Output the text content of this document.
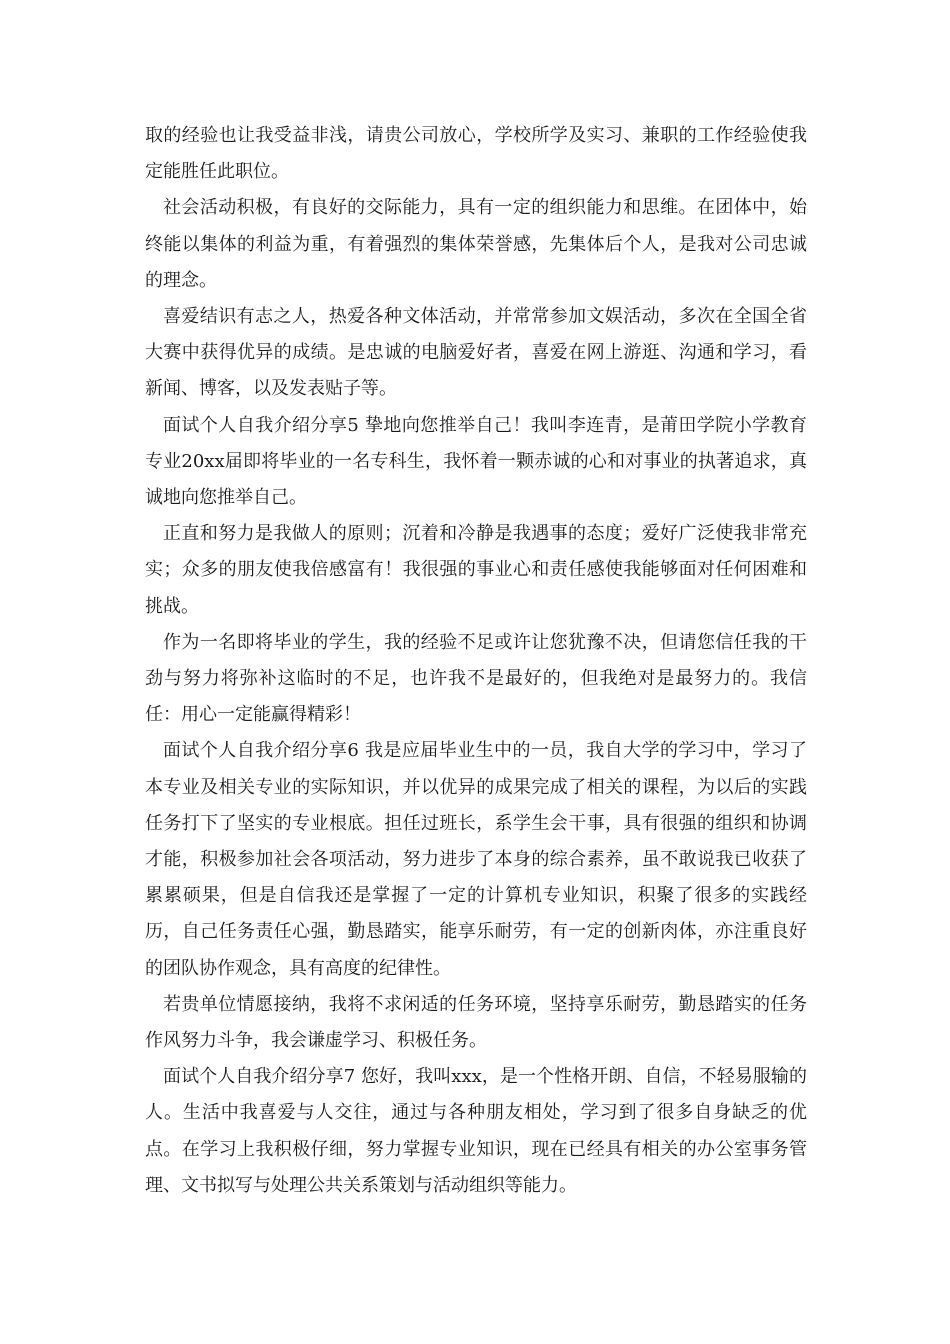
取的经验也让我受益非浅，请贵公司放心，学校所学及实习、兼职的工作经验使我定能胜任此职位。

社会活动积极，有良好的交际能力，具有一定的组织能力和思维。在团体中，始终能以集体的利益为重，有着强烈的集体荣誉感，先集体后个人，是我对公司忠诚的理念。

喜爱结识有志之人，热爱各种文体活动，并常常参加文娱活动，多次在全国全省大赛中获得优异的成绩。是忠诚的电脑爱好者，喜爱在网上游逛、沟通和学习，看新闻、博客，以及发表贴子等。

面试个人自我介绍分享5 挚地向您推举自己！我叫李连青，是莆田学院小学教育专业20xx届即将毕业的一名专科生，我怀着一颗赤诚的心和对事业的执著追求，真诚地向您推举自己。

正直和努力是我做人的原则；沉着和冷静是我遇事的态度；爱好广泛使我非常充实；众多的朋友使我倍感富有！我很强的事业心和责任感使我能够面对任何困难和挑战。

作为一名即将毕业的学生，我的经验不足或许让您犹豫不决，但请您信任我的干劲与努力将弥补这临时的不足，也许我不是最好的，但我绝对是最努力的。我信任：用心一定能赢得精彩！

面试个人自我介绍分享6 我是应届毕业生中的一员，我自大学的学习中，学习了本专业及相关专业的实际知识，并以优异的成果完成了相关的课程，为以后的实践任务打下了坚实的专业根底。担任过班长，系学生会干事，具有很强的组织和协调才能，积极参加社会各项活动，努力进步了本身的综合素养，虽不敢说我已收获了累累硕果，但是自信我还是掌握了一定的计算机专业知识，积聚了很多的实践经历，自己任务责任心强，勤恳踏实，能享乐耐劳，有一定的创新肉体，亦注重良好的团队协作观念，具有高度的纪律性。

若贵单位情愿接纳，我将不求闲适的任务环境，坚持享乐耐劳，勤恳踏实的任务作风努力斗争，我会谦虚学习、积极任务。

面试个人自我介绍分享7 您好，我叫xxx，是一个性格开朗、自信，不轻易服输的人。生活中我喜爱与人交往，通过与各种朋友相处，学习到了很多自身缺乏的优点。在学习上我积极仔细，努力掌握专业知识，现在已经具有相关的办公室事务管理、文书拟写与处理公共关系策划与活动组织等能力。
